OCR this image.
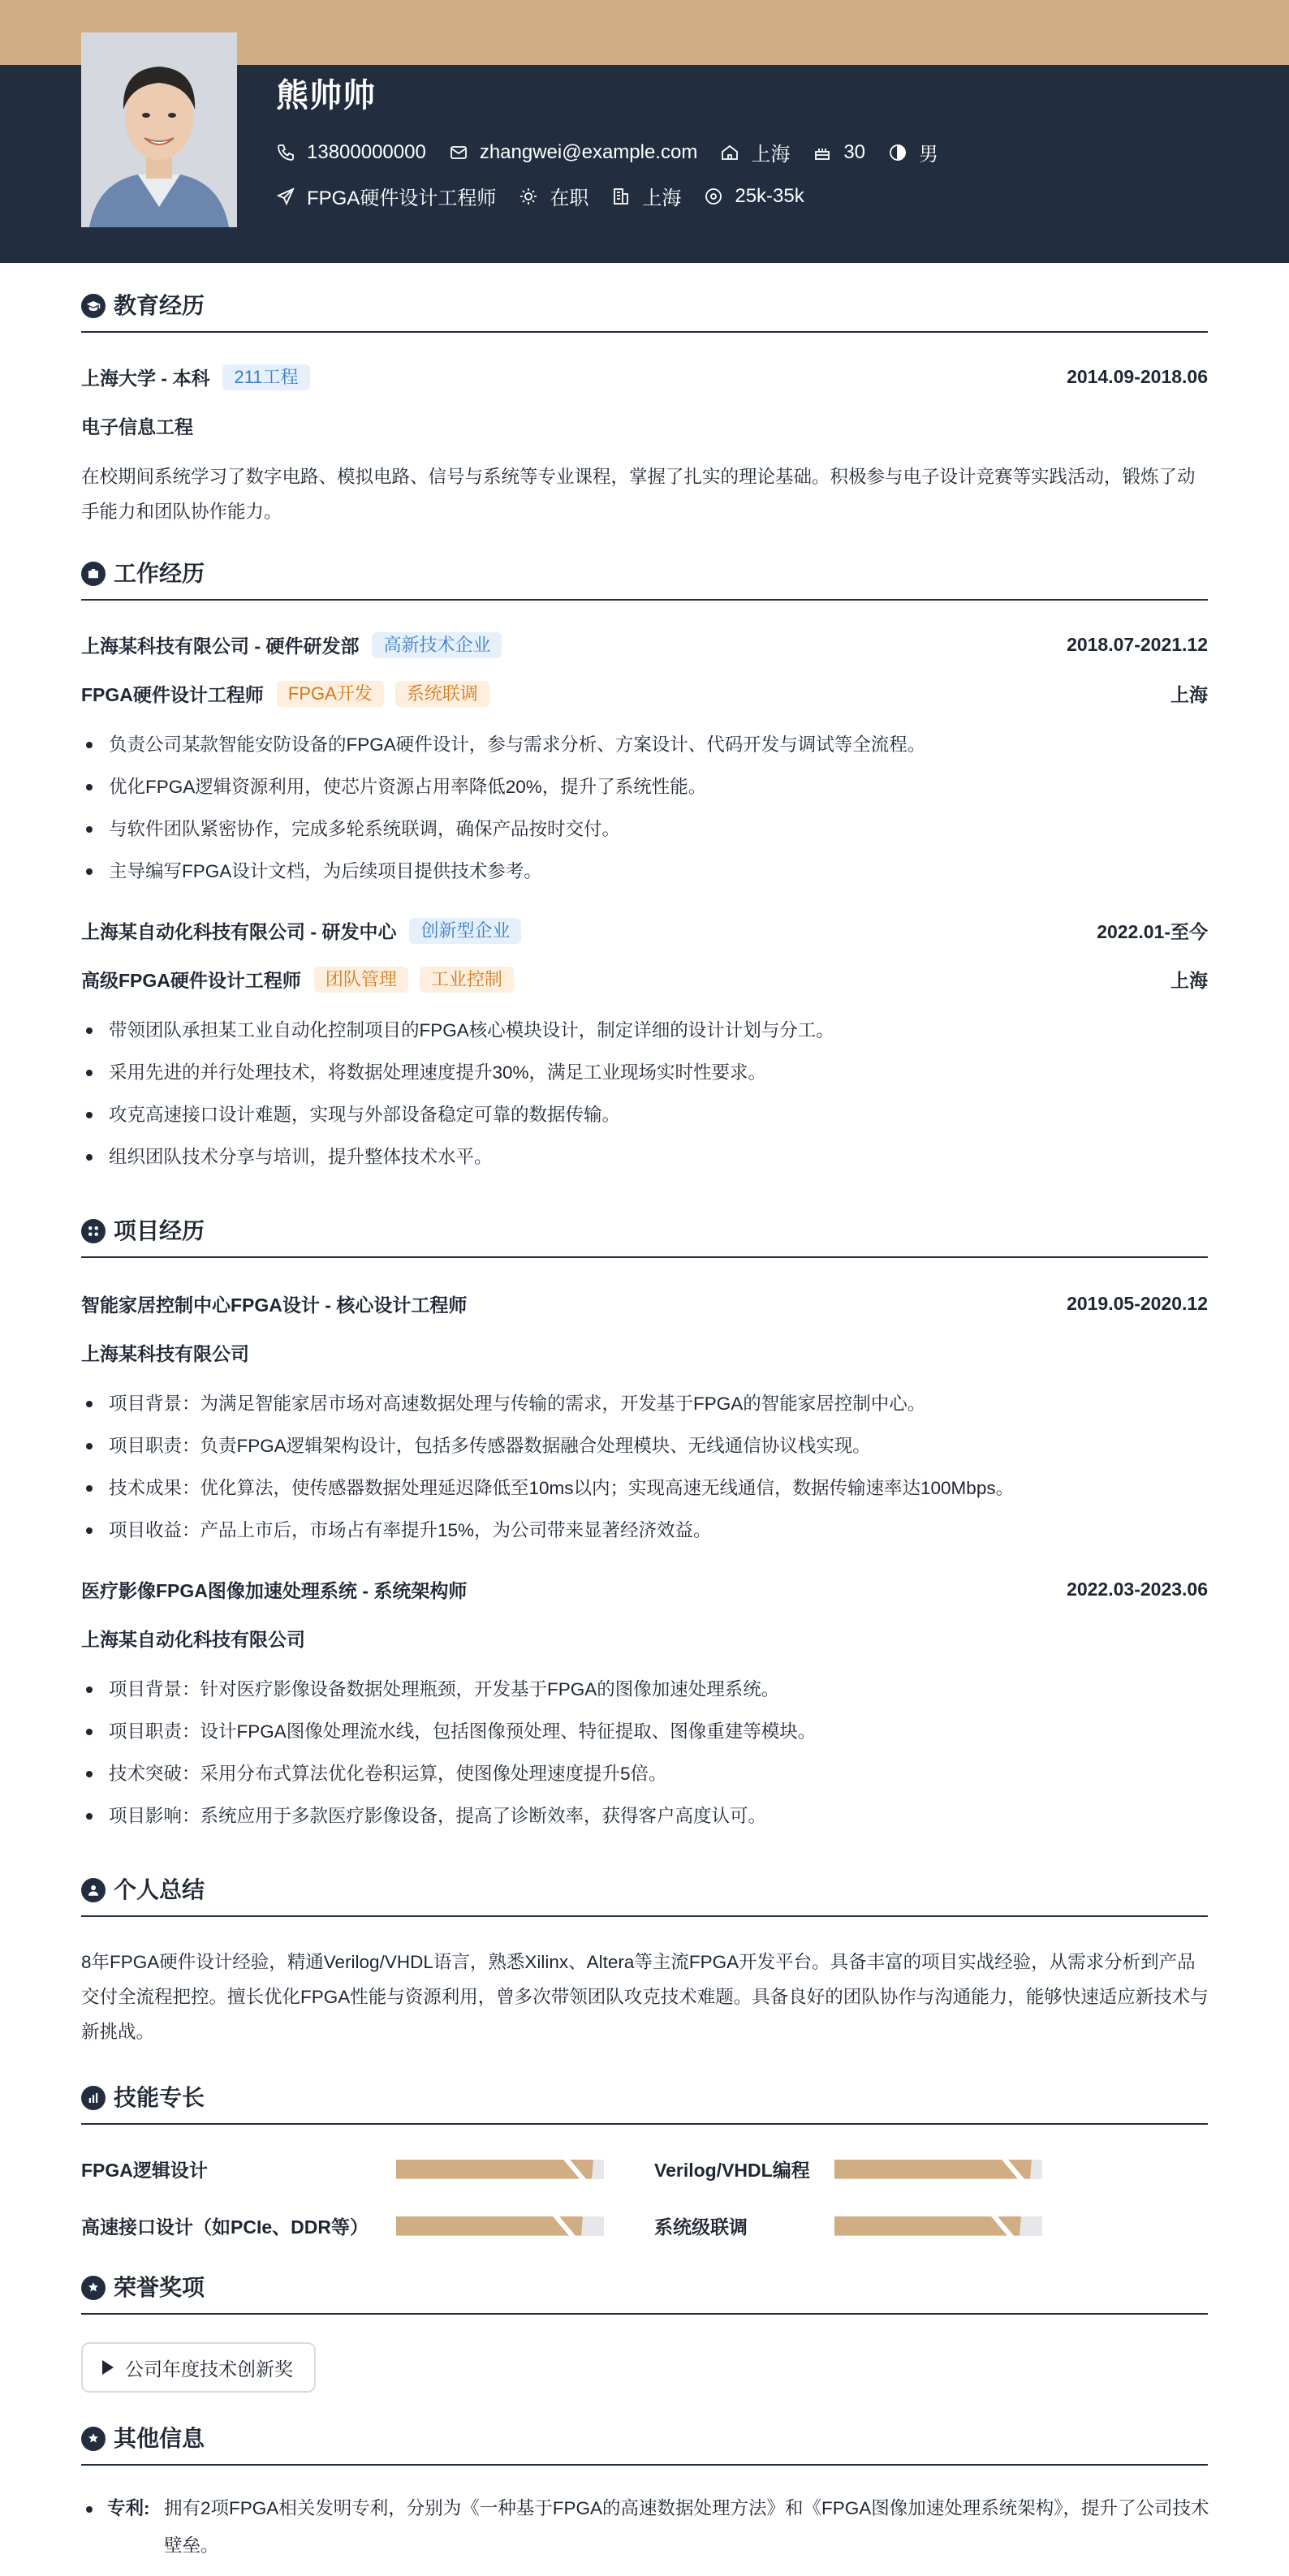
熊帅帅
13800000000	zhangwei@example.com	上海	30	男
FPGA硬件设计工程师	在职	上海	25k-35k
教育经历
上海大学 - 本科	211工程	2014.09-2018.06
电子信息工程
在校期间系统学习了数字电路、模拟电路、信号与系统等专业课程，掌握了扎实的理论基础。积极参与电子设计竞赛等实践活动，锻炼了动手能力和团队协作能力。
工作经历
上海某科技有限公司 - 硬件研发部	高新技术企业	2018.07-2021.12
FPGA硬件设计工程师	FPGA开发	系统联调	上海
负责公司某款智能安防设备的FPGA硬件设计，参与需求分析、方案设计、代码开发与调试等全流程。
优化FPGA逻辑资源利用，使芯片资源占用率降低20%，提升了系统性能。
与软件团队紧密协作，完成多轮系统联调，确保产品按时交付。
主导编写FPGA设计文档，为后续项目提供技术参考。
上海某自动化科技有限公司 - 研发中心	创新型企业	2022.01-至今
高级FPGA硬件设计工程师	团队管理	工业控制	上海
带领团队承担某工业自动化控制项目的FPGA核心模块设计，制定详细的设计计划与分工。
采用先进的并行处理技术，将数据处理速度提升30%，满足工业现场实时性要求。
攻克高速接口设计难题，实现与外部设备稳定可靠的数据传输。
组织团队技术分享与培训，提升整体技术水平。
项目经历
智能家居控制中心FPGA设计 - 核心设计工程师	2019.05-2020.12
上海某科技有限公司
项目背景：为满足智能家居市场对高速数据处理与传输的需求，开发基于FPGA的智能家居控制中心。
项目职责：负责FPGA逻辑架构设计，包括多传感器数据融合处理模块、无线通信协议栈实现。
技术成果：优化算法，使传感器数据处理延迟降低至10ms以内；实现高速无线通信，数据传输速率达100Mbps。
项目收益：产品上市后，市场占有率提升15%，为公司带来显著经济效益。
医疗影像FPGA图像加速处理系统 - 系统架构师	2022.03-2023.06
上海某自动化科技有限公司
项目背景：针对医疗影像设备数据处理瓶颈，开发基于FPGA的图像加速处理系统。
项目职责：设计FPGA图像处理流水线，包括图像预处理、特征提取、图像重建等模块。
技术突破：采用分布式算法优化卷积运算，使图像处理速度提升5倍。
项目影响：系统应用于多款医疗影像设备，提高了诊断效率，获得客户高度认可。
个人总结
8年FPGA硬件设计经验，精通Verilog/VHDL语言，熟悉Xilinx、Altera等主流FPGA开发平台。具备丰富的项目实战经验，从需求分析到产品交付全流程把控。擅长优化FPGA性能与资源利用，曾多次带领团队攻克技术难题。具备良好的团队协作与沟通能力，能够快速适应新技术与新挑战。
技能专长
FPGA逻辑设计	Verilog/VHDL编程
高速接口设计（如PCIe、DDR等）	系统级联调
荣誉奖项
公司年度技术创新奖
其他信息
专利: 拥有2项FPGA相关发明专利，分别为《一种基于FPGA的高速数据处理方法》和《FPGA图像加速处理系统架构》，提升了公司技术壁垒。
